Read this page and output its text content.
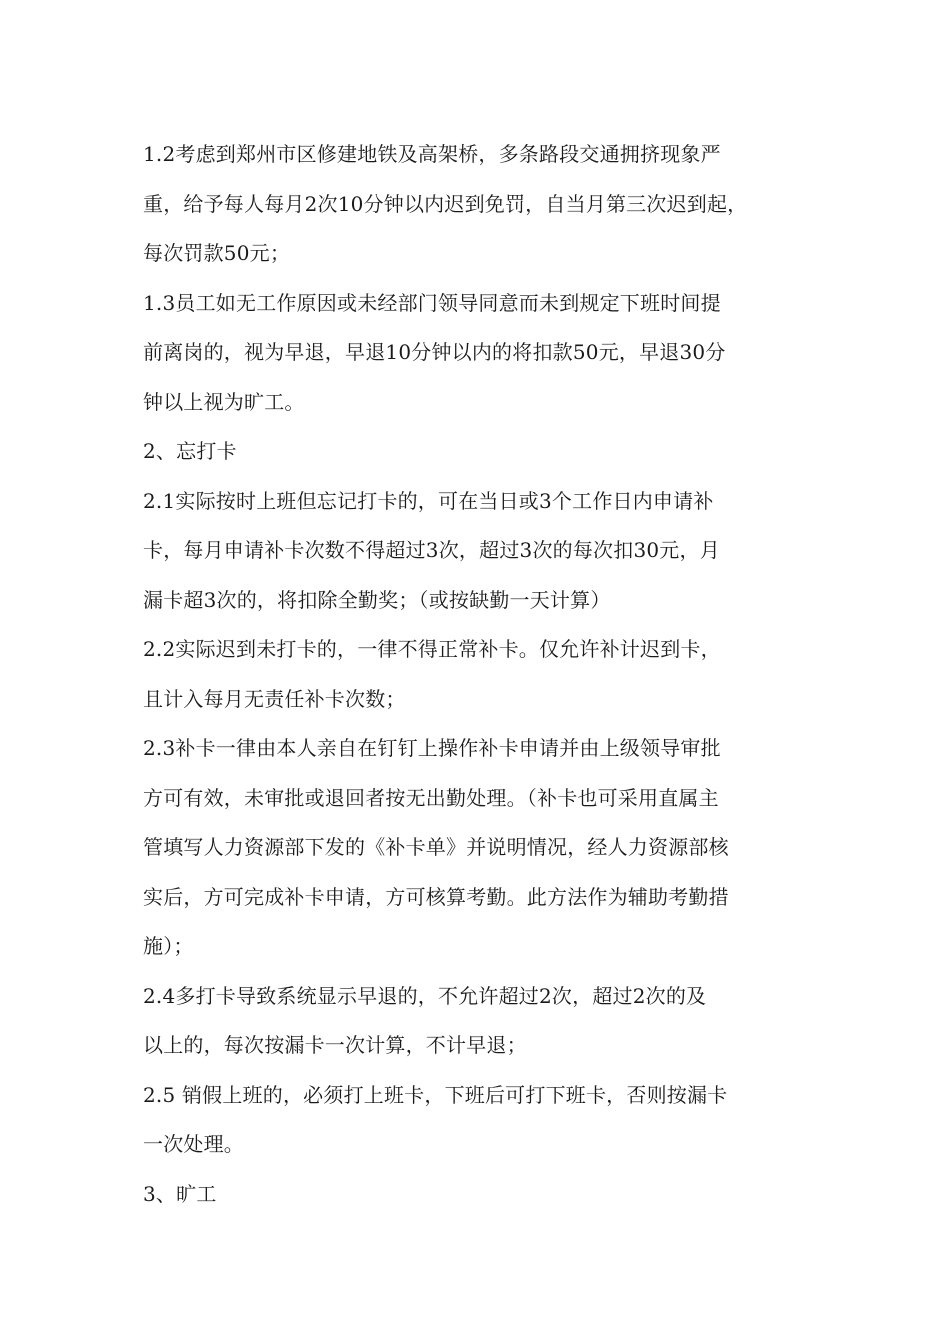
1.2考虑到郑州市区修建地铁及高架桥，多条路段交通拥挤现象严
重，给予每人每月2次10分钟以内迟到免罚，自当月第三次迟到起，
每次罚款50元；
1.3员工如无工作原因或未经部门领导同意而未到规定下班时间提
前离岗的，视为早退，早退10分钟以内的将扣款50元，早退30分
钟以上视为旷工。
2、忘打卡
2.1实际按时上班但忘记打卡的，可在当日或3个工作日内申请补
卡，每月申请补卡次数不得超过3次，超过3次的每次扣30元，月
漏卡超3次的，将扣除全勤奖；（或按缺勤一天计算）
2.2实际迟到未打卡的，一律不得正常补卡。仅允许补计迟到卡，
且计入每月无责任补卡次数；
2.3补卡一律由本人亲自在钉钉上操作补卡申请并由上级领导审批
方可有效，未审批或退回者按无出勤处理。（补卡也可采用直属主
管填写人力资源部下发的《补卡单》并说明情况，经人力资源部核
实后，方可完成补卡申请，方可核算考勤。此方法作为辅助考勤措
施）；
2.4多打卡导致系统显示早退的，不允许超过2次，超过2次的及
以上的，每次按漏卡一次计算，不计早退；
2.5 销假上班的，必须打上班卡，下班后可打下班卡，否则按漏卡
一次处理。
3、旷工
